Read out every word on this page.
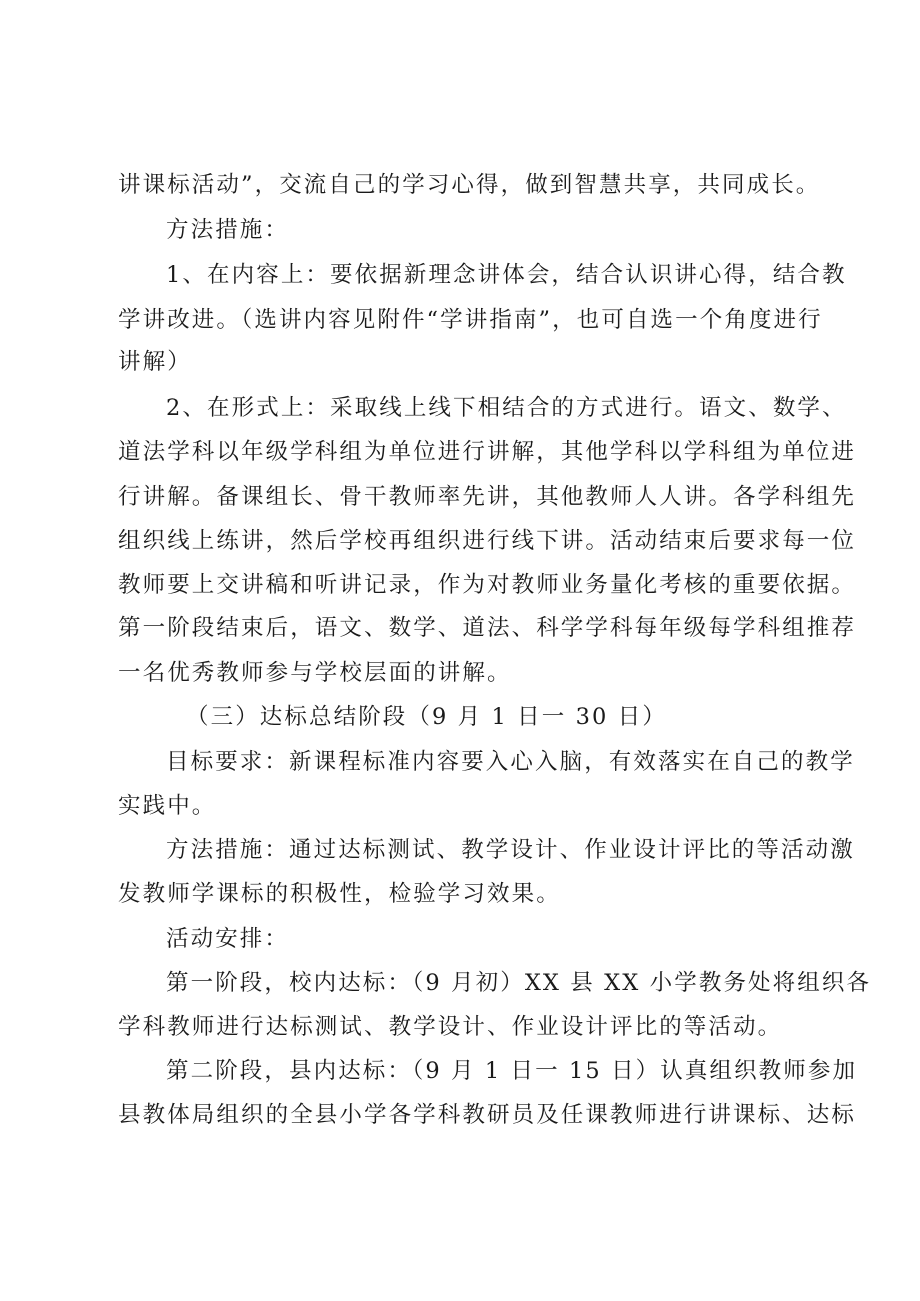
讲课标活动”，交流自己的学习心得，做到智慧共享，共同成长。
方法措施：
1、在内容上：要依据新理念讲体会，结合认识讲心得，结合教
学讲改进。（选讲内容见附件“学讲指南”，也可自选一个角度进行
讲解）
2、在形式上：采取线上线下相结合的方式进行。语文、数学、
道法学科以年级学科组为单位进行讲解，其他学科以学科组为单位进
行讲解。备课组长、骨干教师率先讲，其他教师人人讲。各学科组先
组织线上练讲，然后学校再组织进行线下讲。活动结束后要求每一位
教师要上交讲稿和听讲记录，作为对教师业务量化考核的重要依据。
第一阶段结束后，语文、数学、道法、科学学科每年级每学科组推荐
一名优秀教师参与学校层面的讲解。
（三）达标总结阶段（9 月 1 日一 30 日）
目标要求：新课程标准内容要入心入脑，有效落实在自己的教学
实践中。
方法措施：通过达标测试、教学设计、作业设计评比的等活动激
发教师学课标的积极性，检验学习效果。
活动安排：
第一阶段，校内达标：（9 月初）XX 县 XX 小学教务处将组织各
学科教师进行达标测试、教学设计、作业设计评比的等活动。
第二阶段，县内达标：（9 月 1 日一 15 日）认真组织教师参加
县教体局组织的全县小学各学科教研员及任课教师进行讲课标、达标
